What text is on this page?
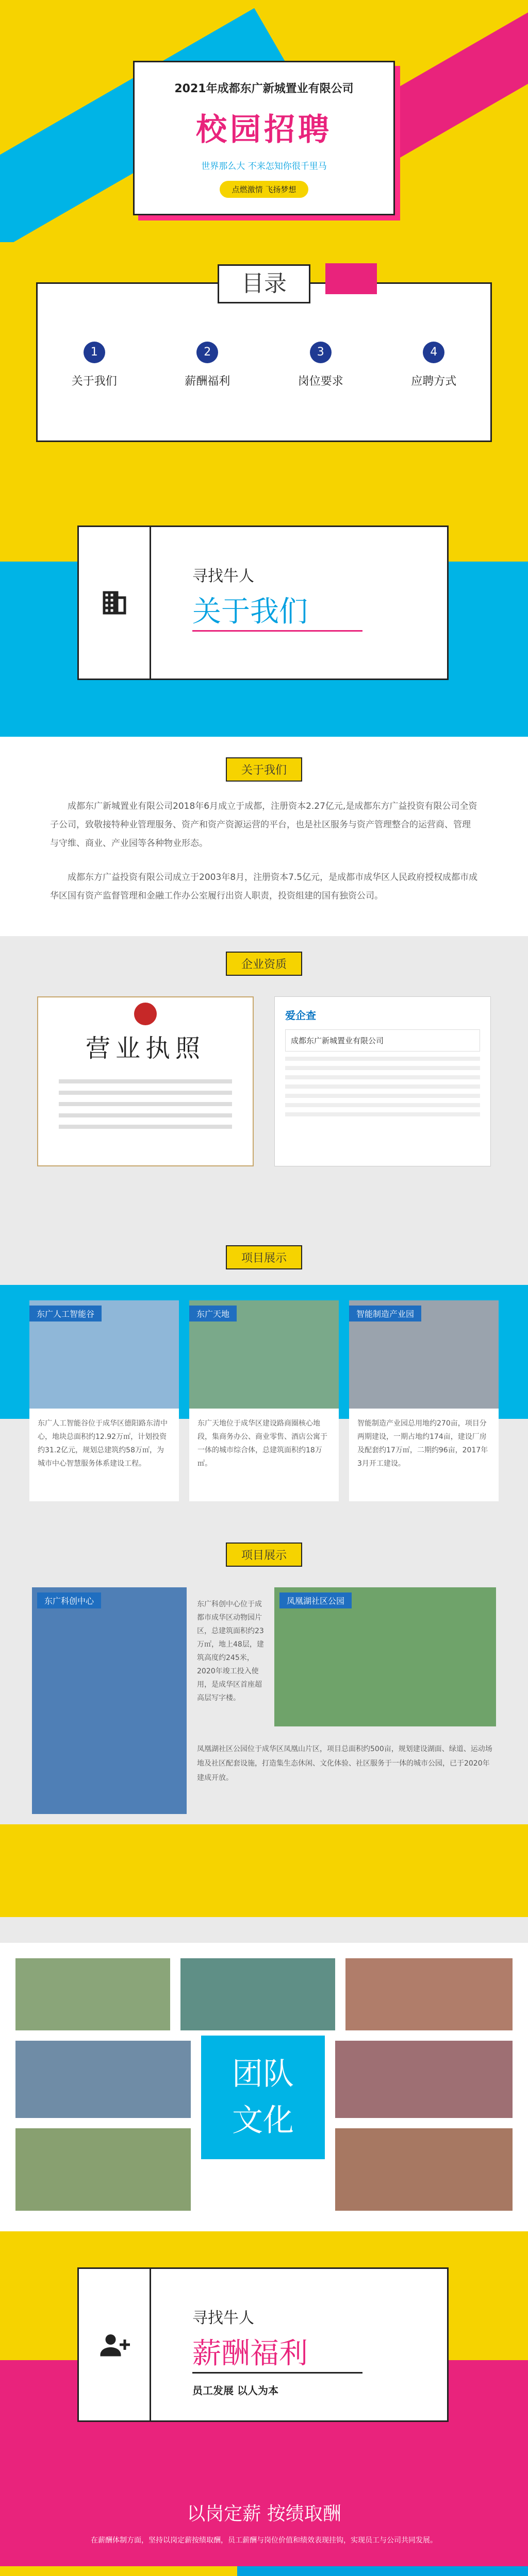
2021年成都东广新城置业有限公司
校园招聘
世界那么大 不来怎知你很千里马
点燃激情 飞扬梦想
目录
1
关于我们
2
薪酬福利
3
岗位要求
4
应聘方式
寻找牛人
关于我们
关于我们

成都东广新城置业有限公司2018年6月成立于成都，注册资本2.27亿元,是成都东方广益投资有限公司全资子公司，致敬接特种业管理服务、资产和资产资源运营的平台，也是社区服务与资产管理整合的运营商、管理与守维、商业、产业园等各种物业形态。

成都东方广益投资有限公司成立于2003年8月，注册资本7.5亿元，是成都市成华区人民政府授权成都市成华区国有资产监督管理和金融工作办公室履行出资人职责，投资组建的国有独资公司。

企业资质
营业执照
爱企查
成都东广新城置业有限公司
项目展示
东广人工智能谷
东广人工智能谷位于成华区德阳路东清中心，地块总面积约12.92万㎡，计划投资约31.2亿元，规划总建筑约58万㎡，为城市中心智慧服务体系建设工程。
东广天地
东广天地位于成华区建设路商圈核心地段，集商务办公、商业零售、酒店公寓于一体的城市综合体，总建筑面积约18万㎡。
智能制造产业园
智能制造产业园总用地约270亩，项目分两期建设，一期占地约174亩，建设厂房及配套约17万㎡，二期约96亩，2017年3月开工建设。
项目展示
东广科创中心	东广科创中心位于成都市成华区动物园片区，总建筑面积约23万㎡，地上48层，建筑高度约245米，2020年竣工投入使用，是成华区首座超高层写字楼。
凤凰湖社区公园
凤凰湖社区公园位于成华区凤凰山片区，项目总面积约500亩，规划建设湖面、绿道、运动场地及社区配套设施，打造集生态休闲、文化体验、社区服务于一体的城市公园，已于2020年建成开放。
团队
文化
寻找牛人
薪酬福利
员工发展 以人为本
以岗定薪 按绩取酬
在薪酬体制方面，坚持以岗定薪按绩取酬，员工薪酬与岗位价值和绩效表现挂钩，实现员工与公司共同发展。
